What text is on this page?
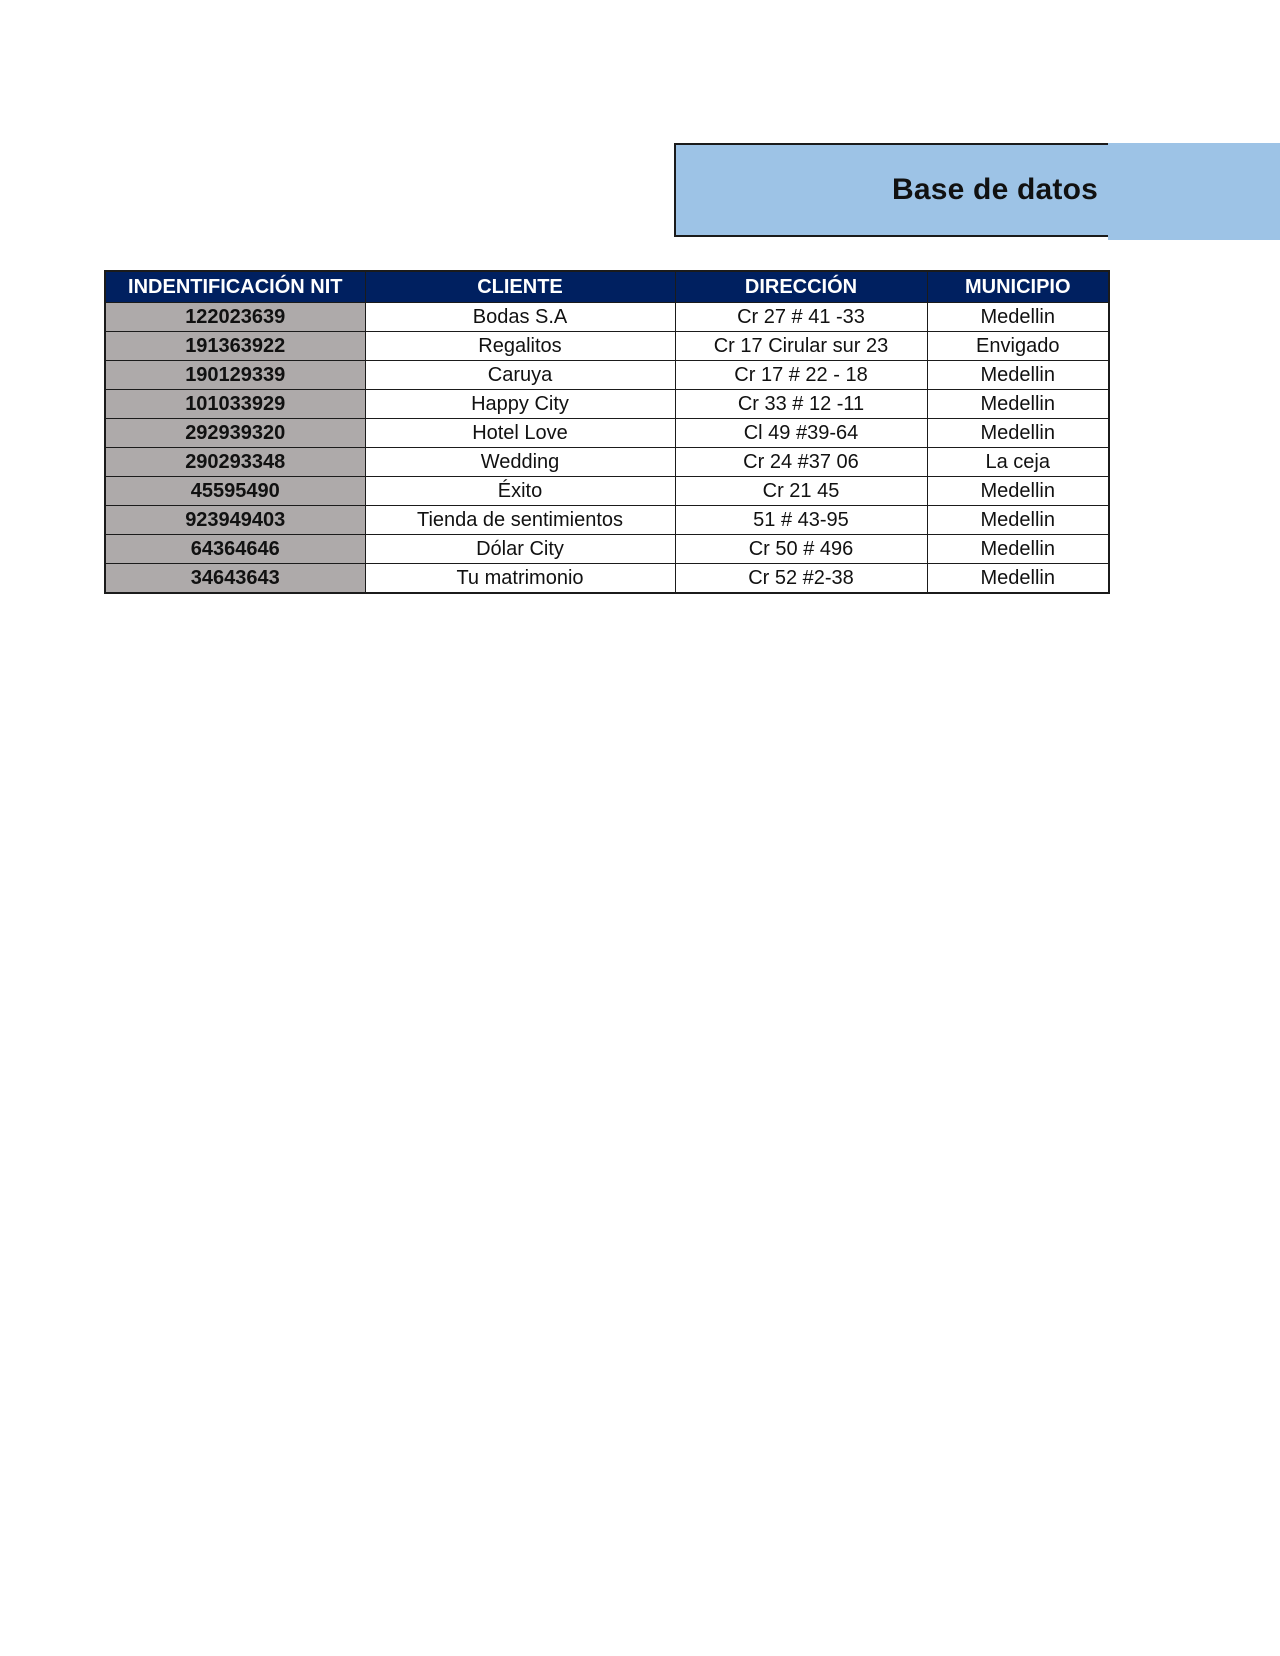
Base de datos
INDENTIFICACIÓN NIT	CLIENTE	DIRECCIÓN	MUNICIPIO
122023639	Bodas S.A	Cr 27 # 41 -33	Medellin
191363922	Regalitos	Cr 17 Cirular sur 23	Envigado
190129339	Caruya	Cr 17 # 22 - 18	Medellin
101033929	Happy City	Cr 33 # 12 -11	Medellin
292939320	Hotel Love	Cl 49 #39-64	Medellin
290293348	Wedding	Cr 24 #37 06	La ceja
45595490	Éxito	Cr 21 45	Medellin
923949403	Tienda de sentimientos	51 # 43-95	Medellin
64364646	Dólar City	Cr 50 # 496	Medellin
34643643	Tu matrimonio	Cr 52 #2-38	Medellin
